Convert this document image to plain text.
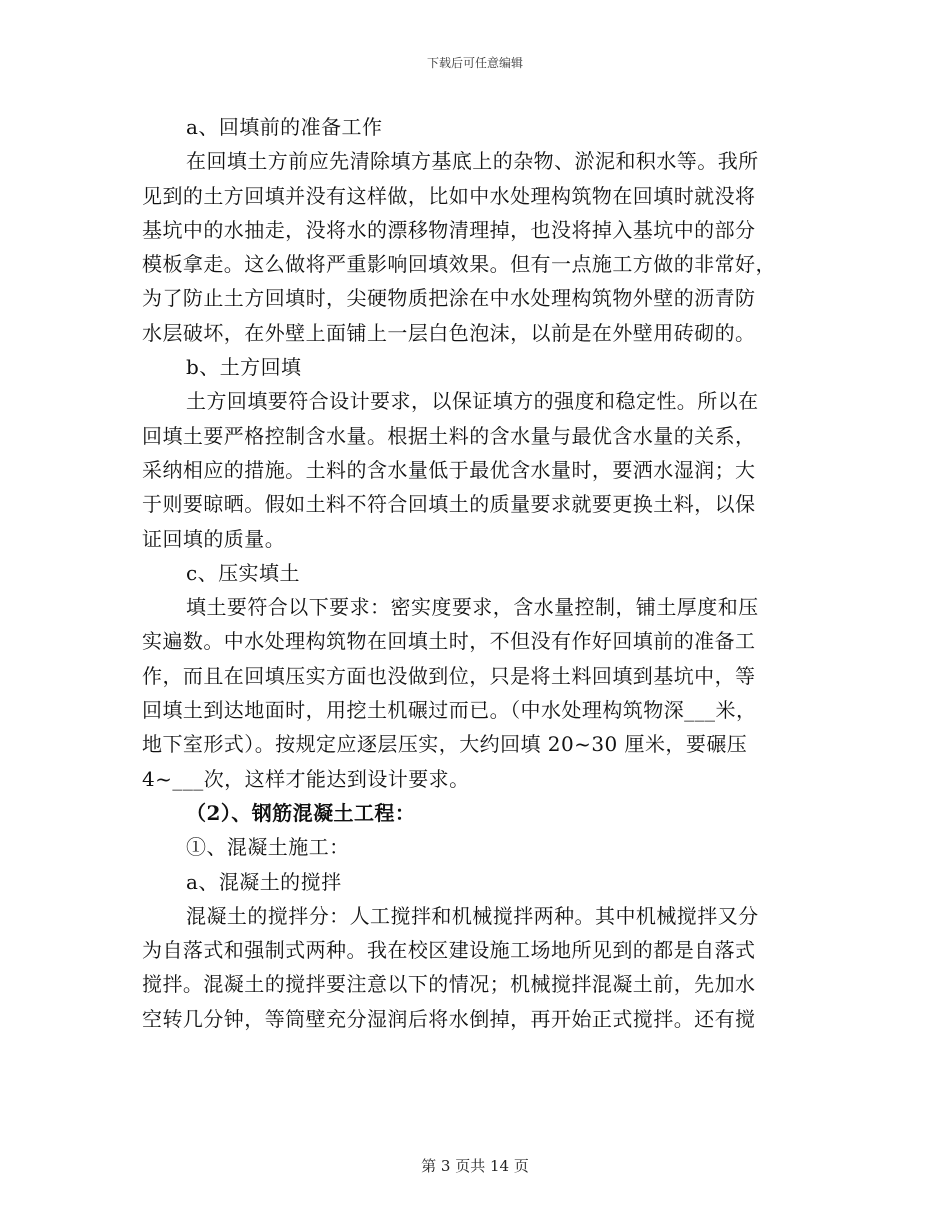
下载后可任意编辑
a、回填前的准备工作
在回填土方前应先清除填方基底上的杂物、淤泥和积水等。我所
见到的土方回填并没有这样做，比如中水处理构筑物在回填时就没将
基坑中的水抽走，没将水的漂移物清理掉，也没将掉入基坑中的部分
模板拿走。这么做将严重影响回填效果。但有一点施工方做的非常好，
为了防止土方回填时，尖硬物质把涂在中水处理构筑物外壁的沥青防
水层破坏，在外壁上面铺上一层白色泡沫，以前是在外壁用砖砌的。
b、土方回填
土方回填要符合设计要求，以保证填方的强度和稳定性。所以在
回填土要严格控制含水量。根据土料的含水量与最优含水量的关系，
采纳相应的措施。土料的含水量低于最优含水量时，要洒水湿润；大
于则要晾晒。假如土料不符合回填土的质量要求就要更换土料，以保
证回填的质量。
c、压实填土
填土要符合以下要求：密实度要求，含水量控制，铺土厚度和压
实遍数。中水处理构筑物在回填土时，不但没有作好回填前的准备工
作，而且在回填压实方面也没做到位，只是将土料回填到基坑中，等
回填土到达地面时，用挖土机碾过而已。（中水处理构筑物深___米，
地下室形式）。按规定应逐层压实，大约回填 20~30 厘米，要碾压
4~___次，这样才能达到设计要求。
（2）、钢筋混凝土工程：
①、混凝土施工：
a、混凝土的搅拌
混凝土的搅拌分：人工搅拌和机械搅拌两种。其中机械搅拌又分
为自落式和强制式两种。我在校区建设施工场地所见到的都是自落式
搅拌。混凝土的搅拌要注意以下的情况；机械搅拌混凝土前，先加水
空转几分钟，等筒壁充分湿润后将水倒掉，再开始正式搅拌。还有搅
第 3 页共 14 页
